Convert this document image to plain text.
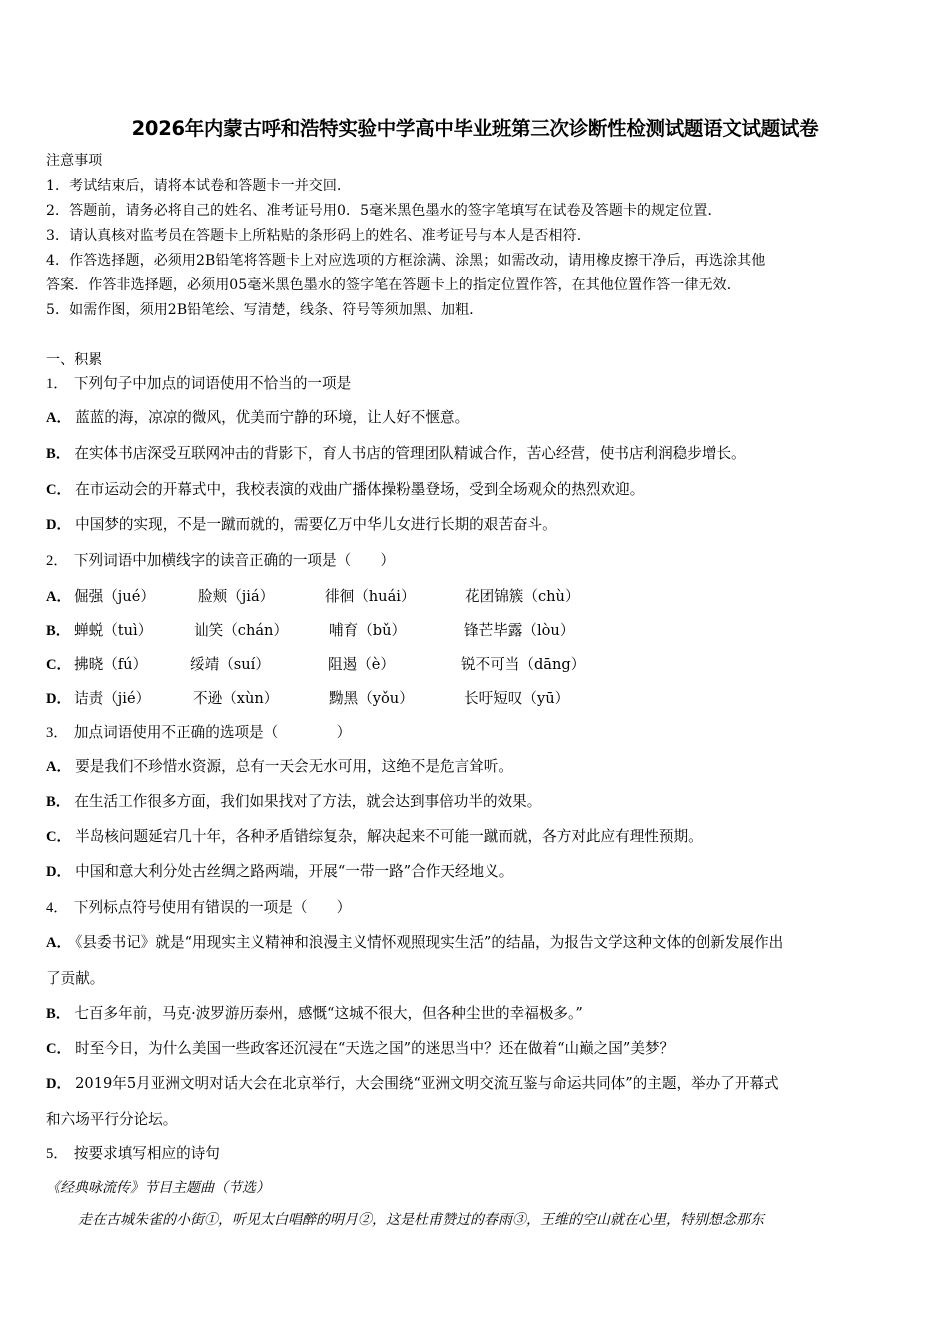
2026年内蒙古呼和浩特实验中学高中毕业班第三次诊断性检测试题语文试题试卷
注意事项
1．考试结束后，请将本试卷和答题卡一并交回．
2．答题前，请务必将自己的姓名、准考证号用0．5毫米黑色墨水的签字笔填写在试卷及答题卡的规定位置．
3．请认真核对监考员在答题卡上所粘贴的条形码上的姓名、准考证号与本人是否相符．
4．作答选择题，必须用2B铅笔将答题卡上对应选项的方框涂满、涂黑；如需改动，请用橡皮擦干净后，再选涂其他
答案．作答非选择题，必须用05毫米黑色墨水的签字笔在答题卡上的指定位置作答，在其他位置作答一律无效．
5．如需作图，须用2B铅笔绘、写清楚，线条、符号等须加黑、加粗．
一、积累
1． 下列句子中加点的词语使用不恰当的一项是
A． 蓝蓝的海，凉凉的微风，优美而宁静的环境，让人好不惬意。
B． 在实体书店深受互联网冲击的背影下，育人书店的管理团队精诚合作，苦心经营，使书店利润稳步增长。
C． 在市运动会的开幕式中，我校表演的戏曲广播体操粉墨登场，受到全场观众的热烈欢迎。
D． 中国梦的实现，不是一蹴而就的，需要亿万中华儿女进行长期的艰苦奋斗。
2． 下列词语中加横线字的读音正确的一项是（　　）
A． 倔强（jué）	脸颊（jiá）	徘徊（huái）	花团锦簇（chù）
B． 蝉蜕（tuì）	讪笑（chán）	哺育（bǔ）	锋芒毕露（lòu）
C． 拂晓（fú）	绥靖（suí）	阻遏（è）	锐不可当（dāng）
D． 诘责（jié）	不逊（xùn）	黝黑（yǒu）	长吁短叹（yū）
3． 加点词语使用不正确的选项是（　　　　）
A． 要是我们不珍惜水资源，总有一天会无水可用，这绝不是危言耸听。
B． 在生活工作很多方面，我们如果找对了方法，就会达到事倍功半的效果。
C． 半岛核问题延宕几十年，各种矛盾错综复杂，解决起来不可能一蹴而就，各方对此应有理性预期。
D． 中国和意大利分处古丝绸之路两端，开展“一带一路”合作天经地义。
4． 下列标点符号使用有错误的一项是（　　）
A． 《县委书记》就是“用现实主义精神和浪漫主义情怀观照现实生活”的结晶，为报告文学这种文体的创新发展作出
了贡献。
B． 七百多年前，马克·波罗游历泰州，感慨“这城不很大，但各种尘世的幸福极多。”
C． 时至今日，为什么美国一些政客还沉浸在“天选之国”的迷思当中？还在做着“山巅之国”美梦？
D． 2019年5月亚洲文明对话大会在北京举行，大会围绕“亚洲文明交流互鉴与命运共同体”的主题，举办了开幕式
和六场平行分论坛。
5． 按要求填写相应的诗句
《经典咏流传》节目主题曲（节选）
走在古城朱雀的小街①，听见太白唱醉的明月②，这是杜甫赞过的春雨③，王维的空山就在心里，特别想念那东
